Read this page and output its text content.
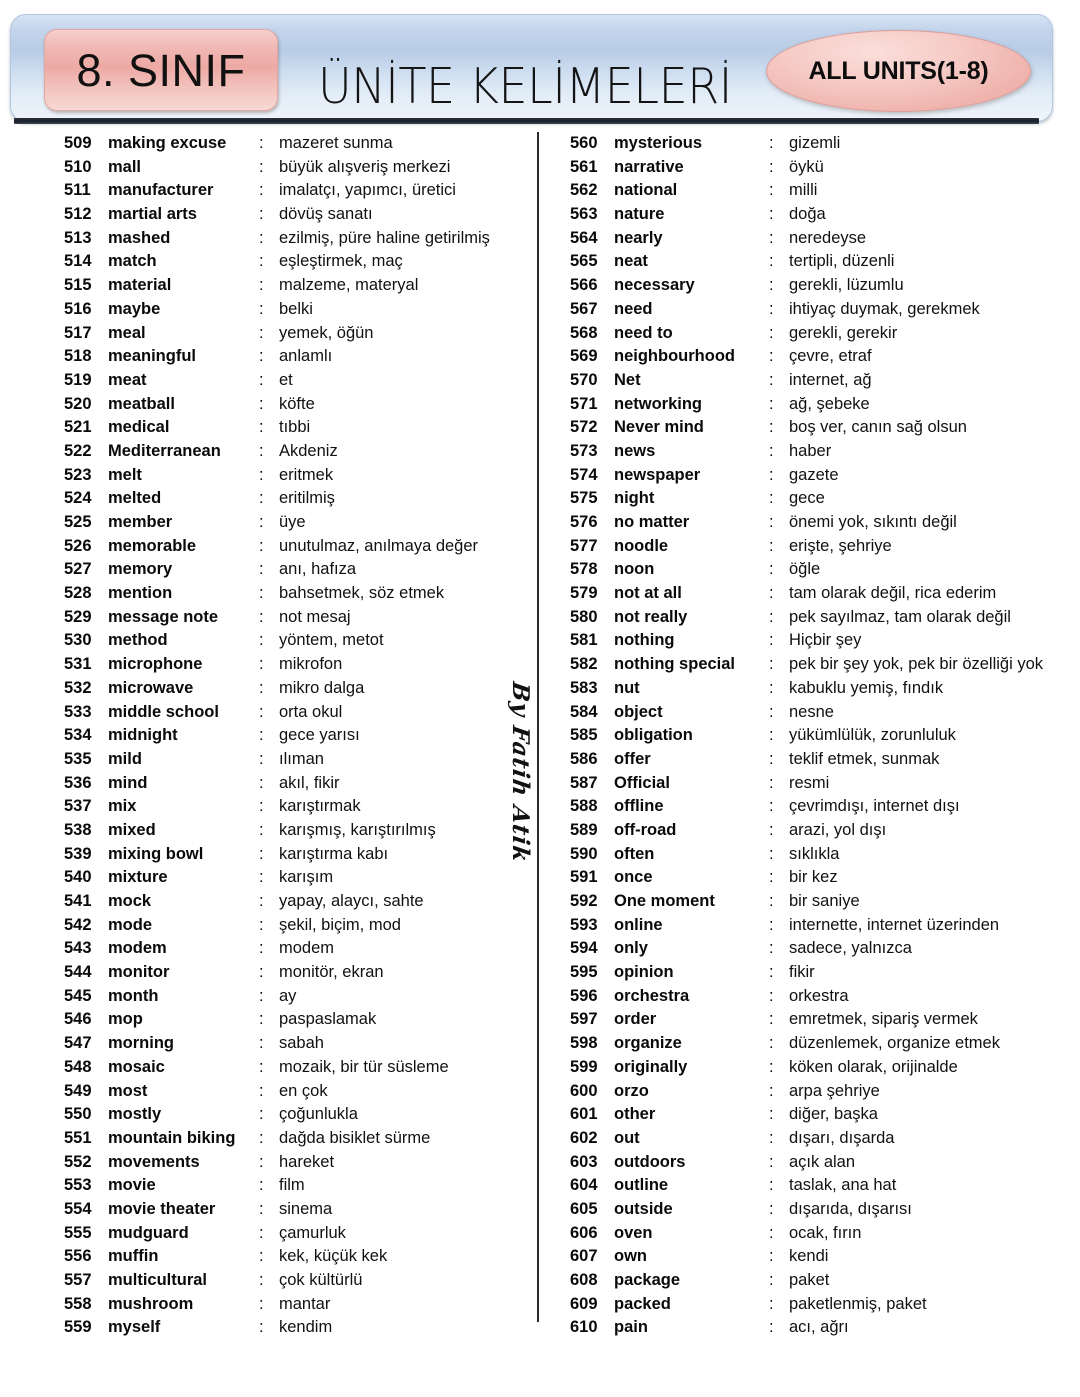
8. SINIF ÜNİTE KELİMELERİ	ALL UNITS(1-8)
By Fatih Atik
509 making excuse	: mazeret sunma
510 mall	: büyük alışveriş merkezi
511	manufacturer	: imalatçı, yapımcı, üretici
512 martial arts	: dövüş sanatı
513 mashed	: ezilmiş, püre haline getirilmiş
514 match	: eşleştirmek, maç
515 material	: malzeme, materyal
516 maybe	: belki
517 meal	: yemek, öğün
518 meaningful	: anlamlı
519 meat	: et
520 meatball	: köfte
521 medical	: tıbbi
522 Mediterranean	: Akdeniz
523 melt	: eritmek
524 melted	: eritilmiş
525 member	: üye
526 memorable	: unutulmaz, anılmaya değer
527 memory	: anı, hafıza
528 mention	: bahsetmek, söz etmek
529 message note	: not mesaj
530 method	: yöntem, metot
531 microphone	: mikrofon
532 microwave	: mikro dalga
533 middle school	: orta okul
534 midnight	: gece yarısı
535 mild	: ılıman
536 mind	: akıl, fikir
537 mix	: karıştırmak
538 mixed	: karışmış, karıştırılmış
539 mixing bowl	: karıştırma kabı
540 mixture	: karışım
541 mock	: yapay, alaycı, sahte
542 mode	: şekil, biçim, mod
543 modem	: modem
544 monitor	: monitör, ekran
545 month	: ay
546 mop	: paspaslamak
547 morning	: sabah
548 mosaic	: mozaik, bir tür süsleme
549 most	: en çok
550 mostly	: çoğunlukla
551 mountain biking	: dağda bisiklet sürme
552 movements	: hareket
553 movie	: film
554 movie theater	: sinema
555 mudguard	: çamurluk
556 muffin	: kek, küçük kek
557 multicultural	: çok kültürlü
558 mushroom	: mantar
559 myself	: kendim
560 mysterious	: gizemli
561 narrative	: öykü
562 national	: milli
563 nature	: doğa
564 nearly	: neredeyse
565 neat	: tertipli, düzenli
566 necessary	: gerekli, lüzumlu
567 need	: ihtiyaç duymak, gerekmek
568 need to	: gerekli, gerekir
569 neighbourhood	: çevre, etraf
570 Net	: internet, ağ
571 networking	: ağ, şebeke
572 Never mind	: boş ver, canın sağ olsun
573 news	: haber
574 newspaper	: gazete
575 night	: gece
576 no matter	: önemi yok, sıkıntı değil
577 noodle	: erişte, şehriye
578 noon	: öğle
579 not at all	: tam olarak değil, rica ederim
580 not really	: pek sayılmaz, tam olarak değil
581 nothing	: Hiçbir şey
582 nothing special	: pek bir şey yok, pek bir özelliği yok
583 nut	: kabuklu yemiş, fındık
584 object	: nesne
585 obligation	: yükümlülük, zorunluluk
586 offer	: teklif etmek, sunmak
587 Official	: resmi
588 offline	: çevrimdışı, internet dışı
589 off-road	: arazi, yol dışı
590 often	: sıklıkla
591 once	: bir kez
592 One moment	: bir saniye
593 online	: internette, internet üzerinden
594 only	: sadece, yalnızca
595 opinion	: fikir
596 orchestra	: orkestra
597 order	: emretmek, sipariş vermek
598 organize	: düzenlemek, organize etmek
599 originally	: köken olarak, orijinalde
600 orzo	: arpa şehriye
601 other	: diğer, başka
602 out	: dışarı, dışarda
603 outdoors	: açık alan
604 outline	: taslak, ana hat
605 outside	: dışarıda, dışarısı
606 oven	: ocak, fırın
607 own	: kendi
608 package	: paket
609 packed	: paketlenmiş, paket
610 pain	: acı, ağrı
